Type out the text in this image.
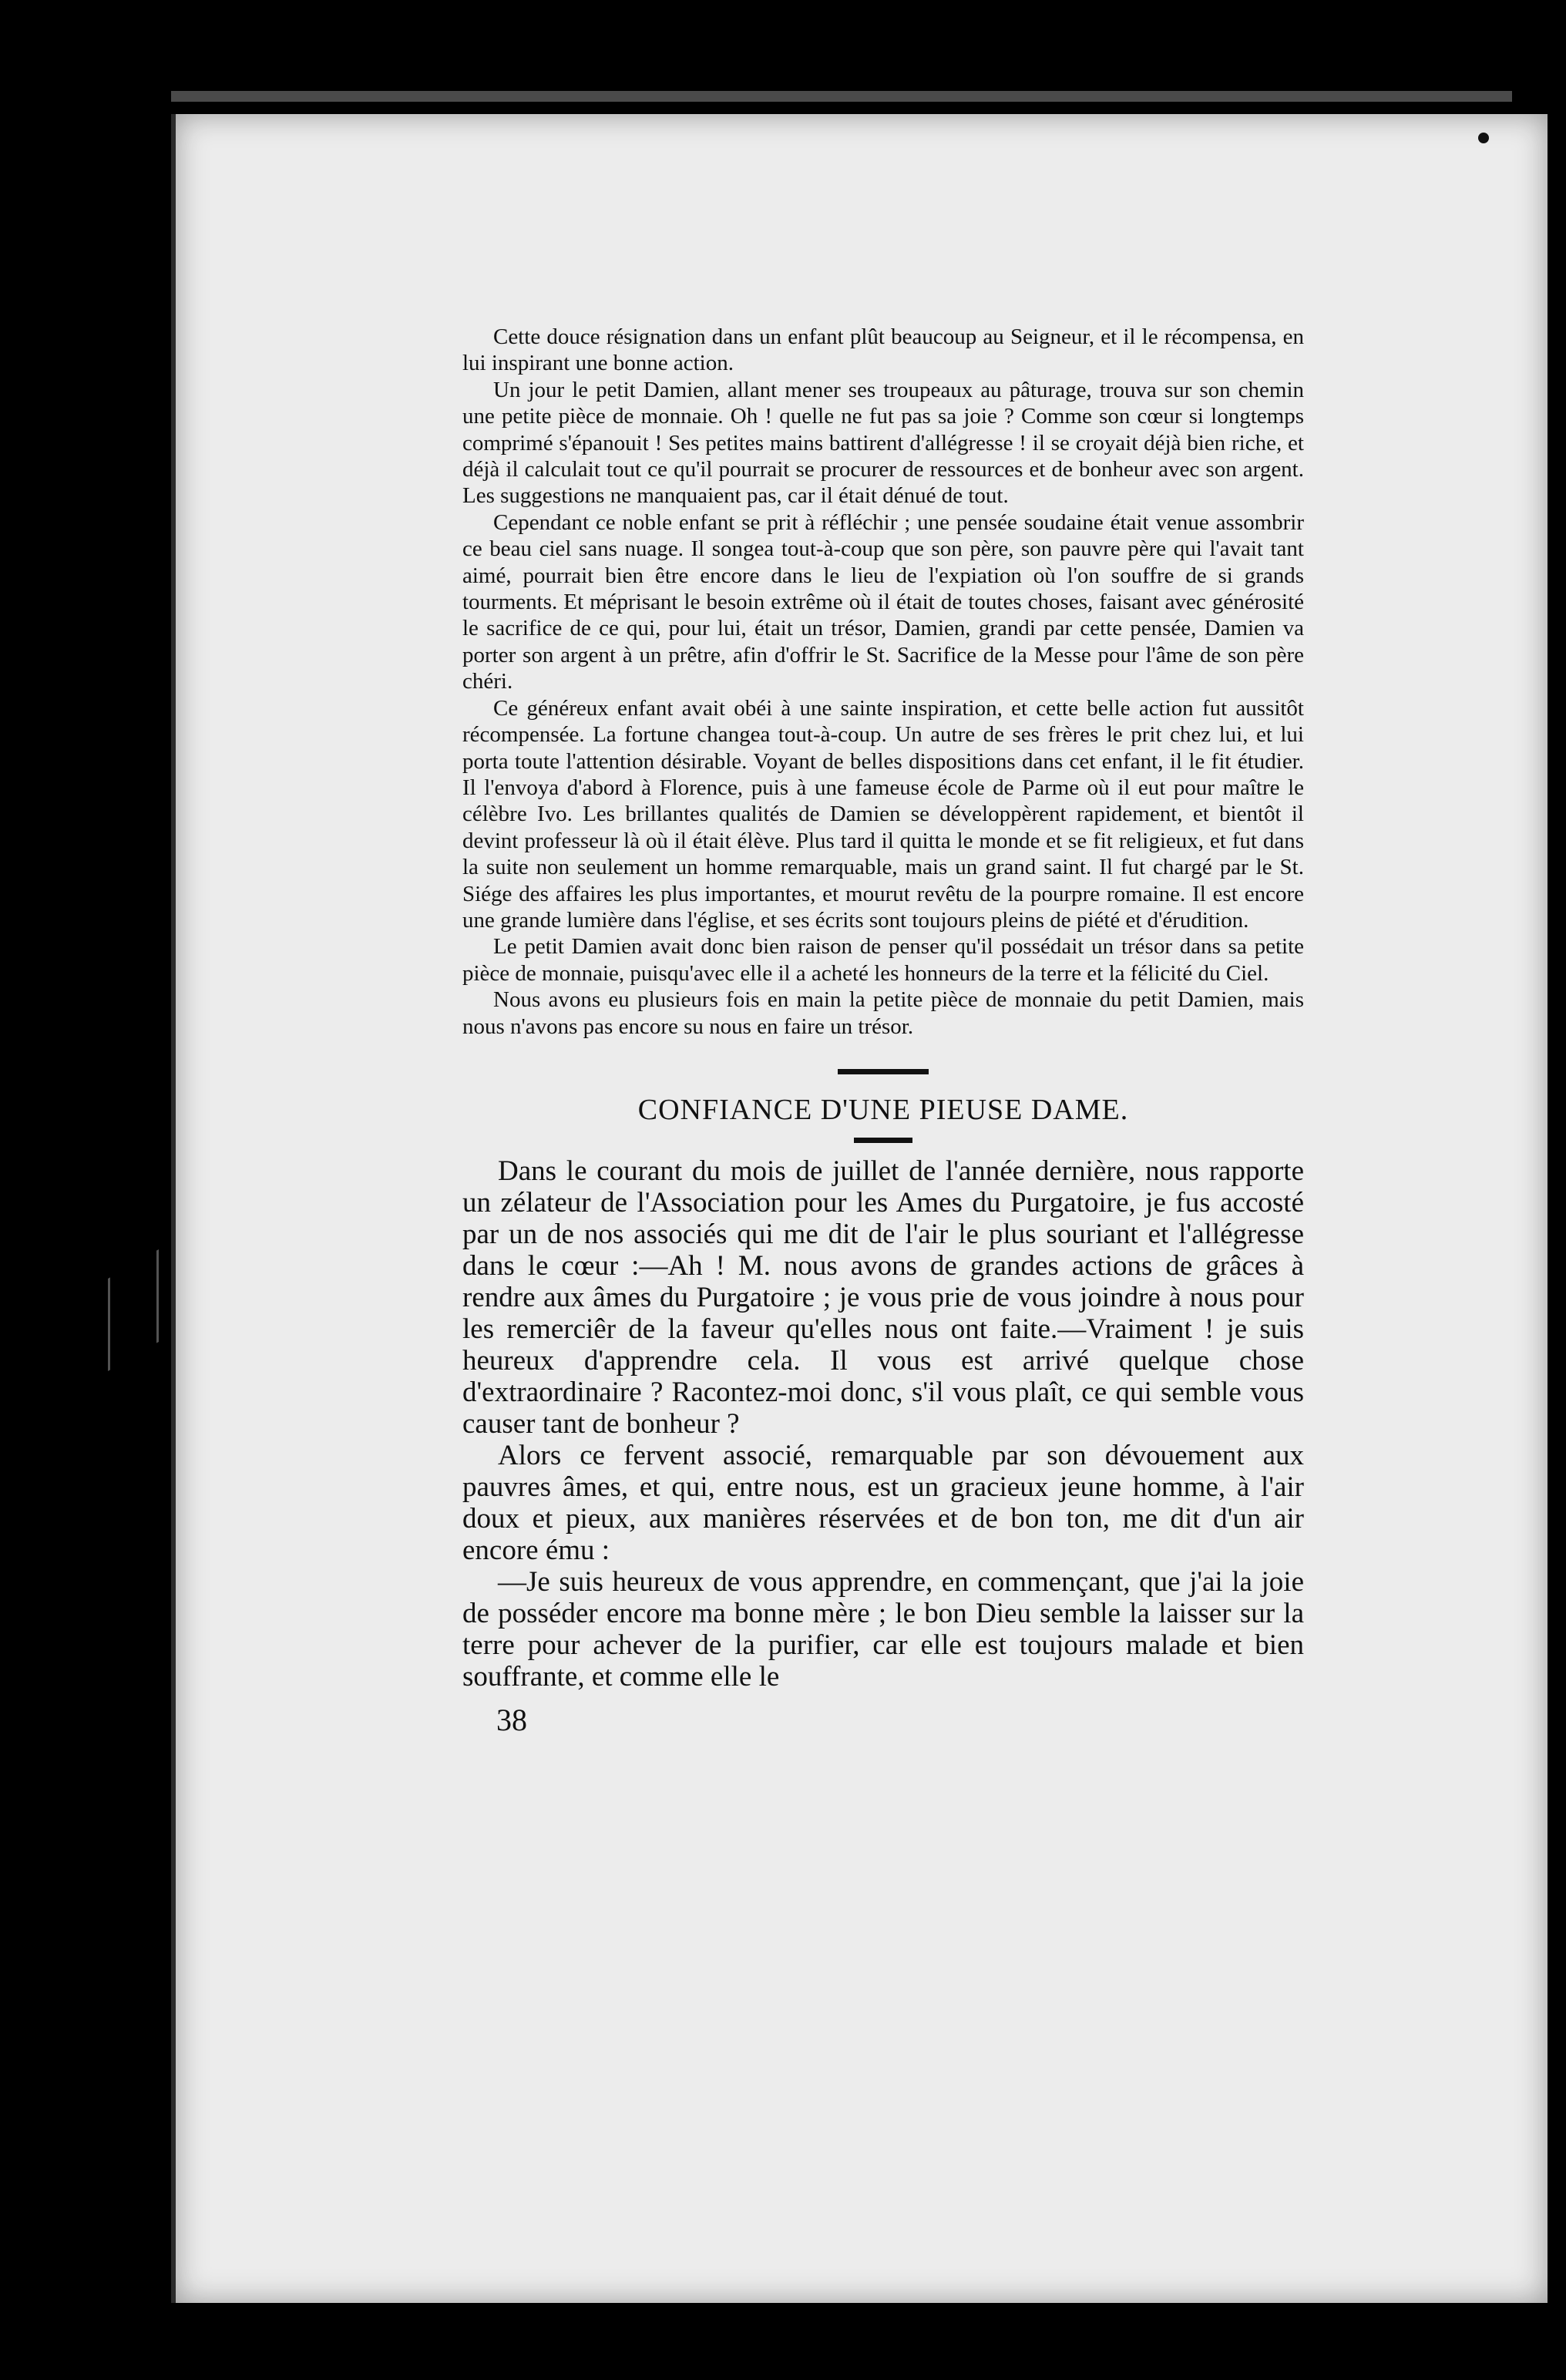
Cette douce résignation dans un enfant plût beaucoup au Seigneur, et il le récompensa, en lui inspirant une bonne action.

Un jour le petit Damien, allant mener ses troupeaux au pâturage, trouva sur son chemin une petite pièce de monnaie. Oh ! quelle ne fut pas sa joie ? Comme son cœur si longtemps comprimé s'épanouit ! Ses petites mains battirent d'allégresse ! il se croyait déjà bien riche, et déjà il calculait tout ce qu'il pourrait se procurer de ressources et de bonheur avec son argent. Les suggestions ne manquaient pas, car il était dénué de tout.

Cependant ce noble enfant se prit à réfléchir ; une pensée soudaine était venue assombrir ce beau ciel sans nuage. Il songea tout-à-coup que son père, son pauvre père qui l'avait tant aimé, pourrait bien être encore dans le lieu de l'expiation où l'on souffre de si grands tourments. Et méprisant le besoin extrême où il était de toutes choses, faisant avec générosité le sacrifice de ce qui, pour lui, était un trésor, Damien, grandi par cette pensée, Damien va porter son argent à un prêtre, afin d'offrir le St. Sacrifice de la Messe pour l'âme de son père chéri.

Ce généreux enfant avait obéi à une sainte inspiration, et cette belle action fut aussitôt récompensée. La fortune changea tout-à-coup. Un autre de ses frères le prit chez lui, et lui porta toute l'attention désirable. Voyant de belles dispositions dans cet enfant, il le fit étudier. Il l'envoya d'abord à Florence, puis à une fameuse école de Parme où il eut pour maître le célèbre Ivo. Les brillantes qualités de Damien se développèrent rapidement, et bientôt il devint professeur là où il était élève. Plus tard il quitta le monde et se fit religieux, et fut dans la suite non seulement un homme remarquable, mais un grand saint. Il fut chargé par le St. Siége des affaires les plus importantes, et mourut revêtu de la pourpre romaine. Il est encore une grande lumière dans l'église, et ses écrits sont toujours pleins de piété et d'érudition.

Le petit Damien avait donc bien raison de penser qu'il possédait un trésor dans sa petite pièce de monnaie, puisqu'avec elle il a acheté les honneurs de la terre et la félicité du Ciel.

Nous avons eu plusieurs fois en main la petite pièce de monnaie du petit Damien, mais nous n'avons pas encore su nous en faire un trésor.

CONFIANCE D'UNE PIEUSE DAME.

Dans le courant du mois de juillet de l'année dernière, nous rapporte un zélateur de l'Association pour les Ames du Purgatoire, je fus accosté par un de nos associés qui me dit de l'air le plus souriant et l'allégresse dans le cœur :—Ah ! M. nous avons de grandes actions de grâces à rendre aux âmes du Purgatoire ; je vous prie de vous joindre à nous pour les remerciêr de la faveur qu'elles nous ont faite.—Vraiment ! je suis heureux d'apprendre cela. Il vous est arrivé quelque chose d'extraordinaire ? Racontez-moi donc, s'il vous plaît, ce qui semble vous causer tant de bonheur ?

Alors ce fervent associé, remarquable par son dévouement aux pauvres âmes, et qui, entre nous, est un gracieux jeune homme, à l'air doux et pieux, aux manières réservées et de bon ton, me dit d'un air encore ému :

—Je suis heureux de vous apprendre, en commençant, que j'ai la joie de posséder encore ma bonne mère ; le bon Dieu semble la laisser sur la terre pour achever de la purifier, car elle est toujours malade et bien souffrante, et comme elle le

38
